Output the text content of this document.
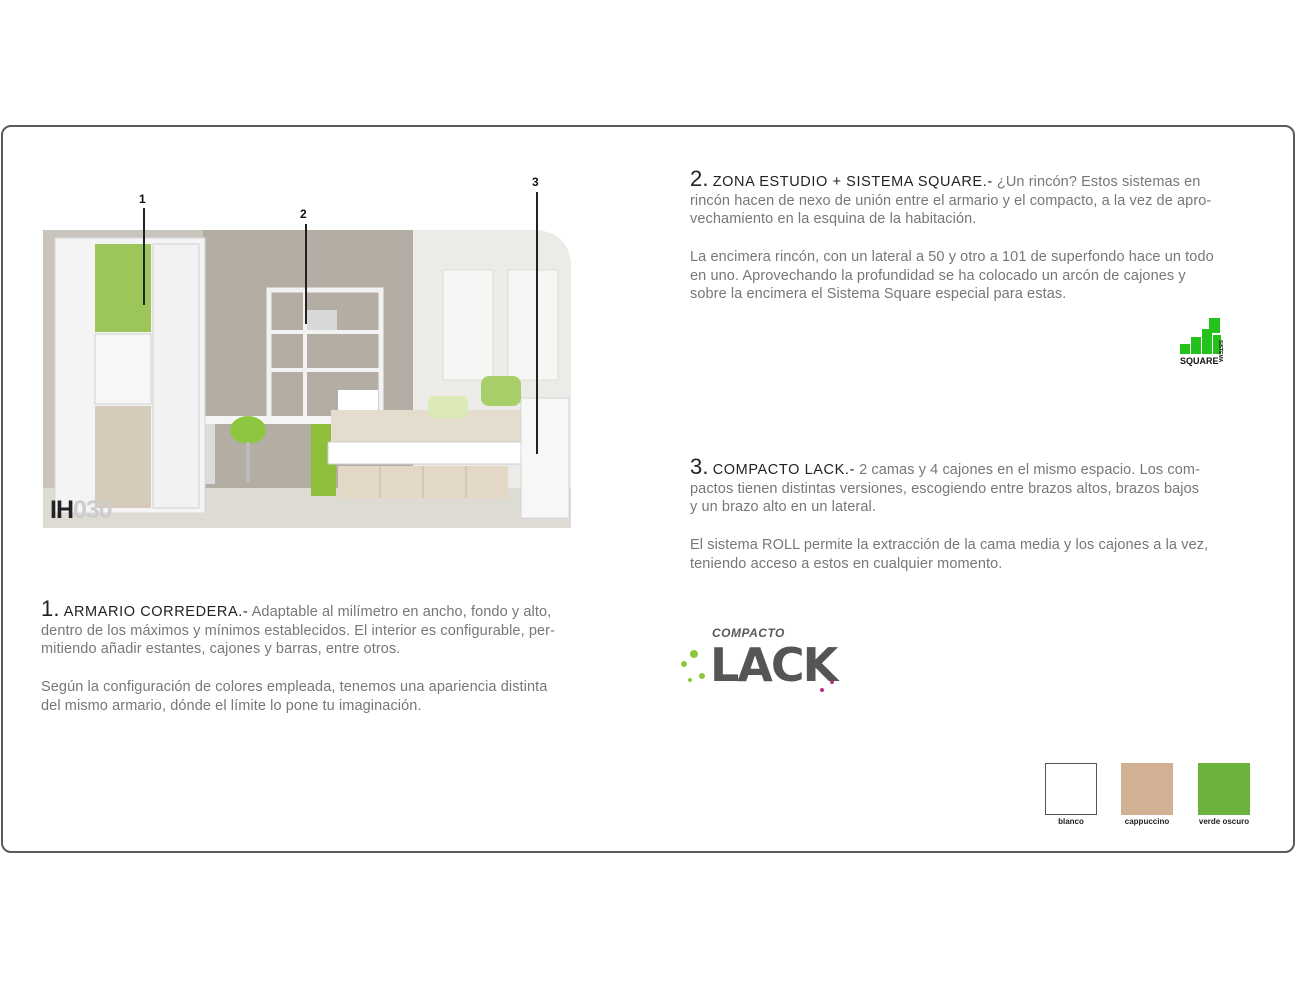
1
2
3
IH030
1. ARMARIO CORREDERA.- Adaptable al milímetro en ancho, fondo y alto,
dentro de los máximos y mínimos establecidos. El interior es configurable, per-
mitiendo añadir estantes, cajones y barras, entre otros.
Según la configuración de colores empleada, tenemos una apariencia distinta
del mismo armario, dónde el límite lo pone tu imaginación.
2. ZONA ESTUDIO + SISTEMA SQUARE.- ¿Un rincón? Estos sistemas en
rincón hacen de nexo de unión entre el armario y el compacto, a la vez de apro-
vechamiento en la esquina de la habitación.
La encimera rincón, con un lateral a 50 y otro a 101 de superfondo hace un todo
en uno. Aprovechando la profundidad se ha colocado un arcón de cajones y
sobre la encimera el Sistema Square especial para estas.
SQUARE
SISTEMA
3. COMPACTO LACK.- 2 camas y 4 cajones en el mismo espacio. Los com-
pactos tienen distintas versiones, escogiendo entre brazos altos, brazos bajos
y un brazo alto en un lateral.
El sistema ROLL permite la extracción de la cama media y los cajones a la vez,
teniendo acceso a estos en cualquier momento.
COMPACTO
LACK
blanco	cappuccino	verde oscuro
